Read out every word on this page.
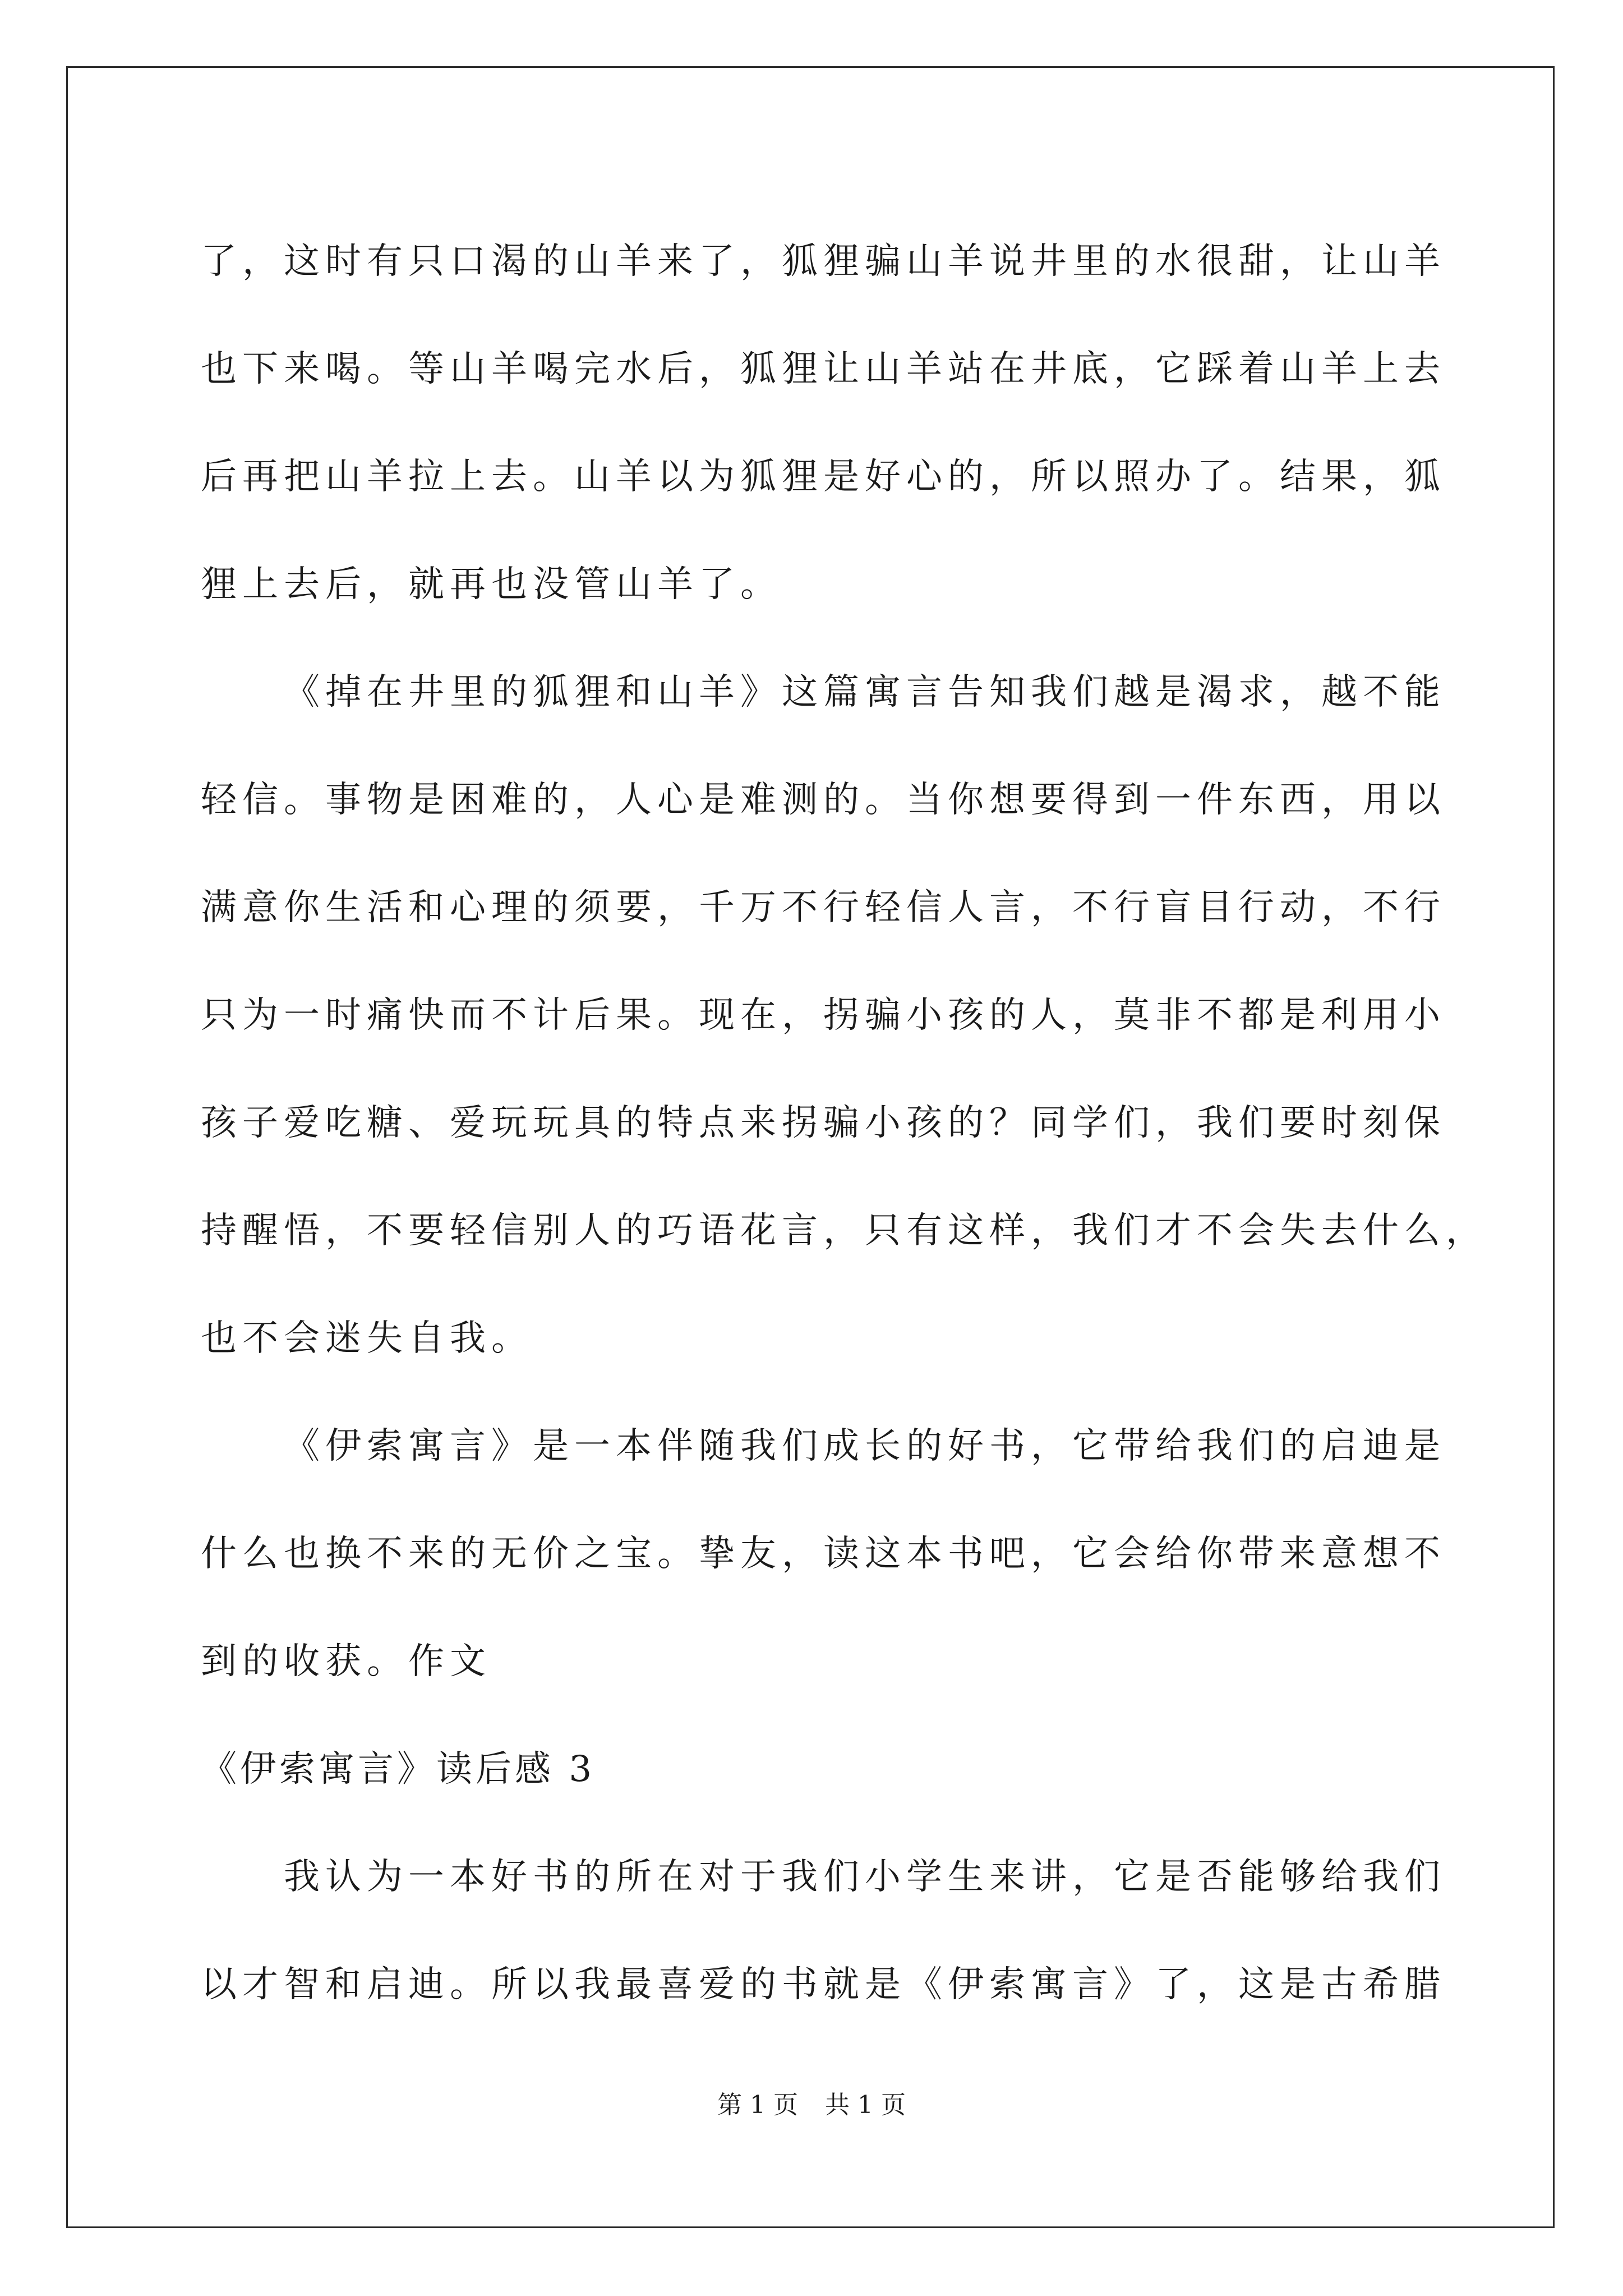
了，这时有只口渴的山羊来了，狐狸骗山羊说井里的水很甜，让山羊
也下来喝。等山羊喝完水后，狐狸让山羊站在井底，它踩着山羊上去
后再把山羊拉上去。山羊以为狐狸是好心的，所以照办了。结果，狐
狸上去后，就再也没管山羊了。
《掉在井里的狐狸和山羊》这篇寓言告知我们越是渴求，越不能
轻信。事物是困难的，人心是难测的。当你想要得到一件东西，用以
满意你生活和心理的须要，千万不行轻信人言，不行盲目行动，不行
只为一时痛快而不计后果。现在，拐骗小孩的人，莫非不都是利用小
孩子爱吃糖、爱玩玩具的特点来拐骗小孩的？同学们，我们要时刻保
持醒悟，不要轻信别人的巧语花言，只有这样，我们才不会失去什么，
也不会迷失自我。
《伊索寓言》是一本伴随我们成长的好书，它带给我们的启迪是
什么也换不来的无价之宝。挚友，读这本书吧，它会给你带来意想不
到的收获。作文
《伊索寓言》读后感 3
我认为一本好书的所在对于我们小学生来讲，它是否能够给我们
以才智和启迪。所以我最喜爱的书就是《伊索寓言》了，这是古希腊
第 1 页 共 1 页
